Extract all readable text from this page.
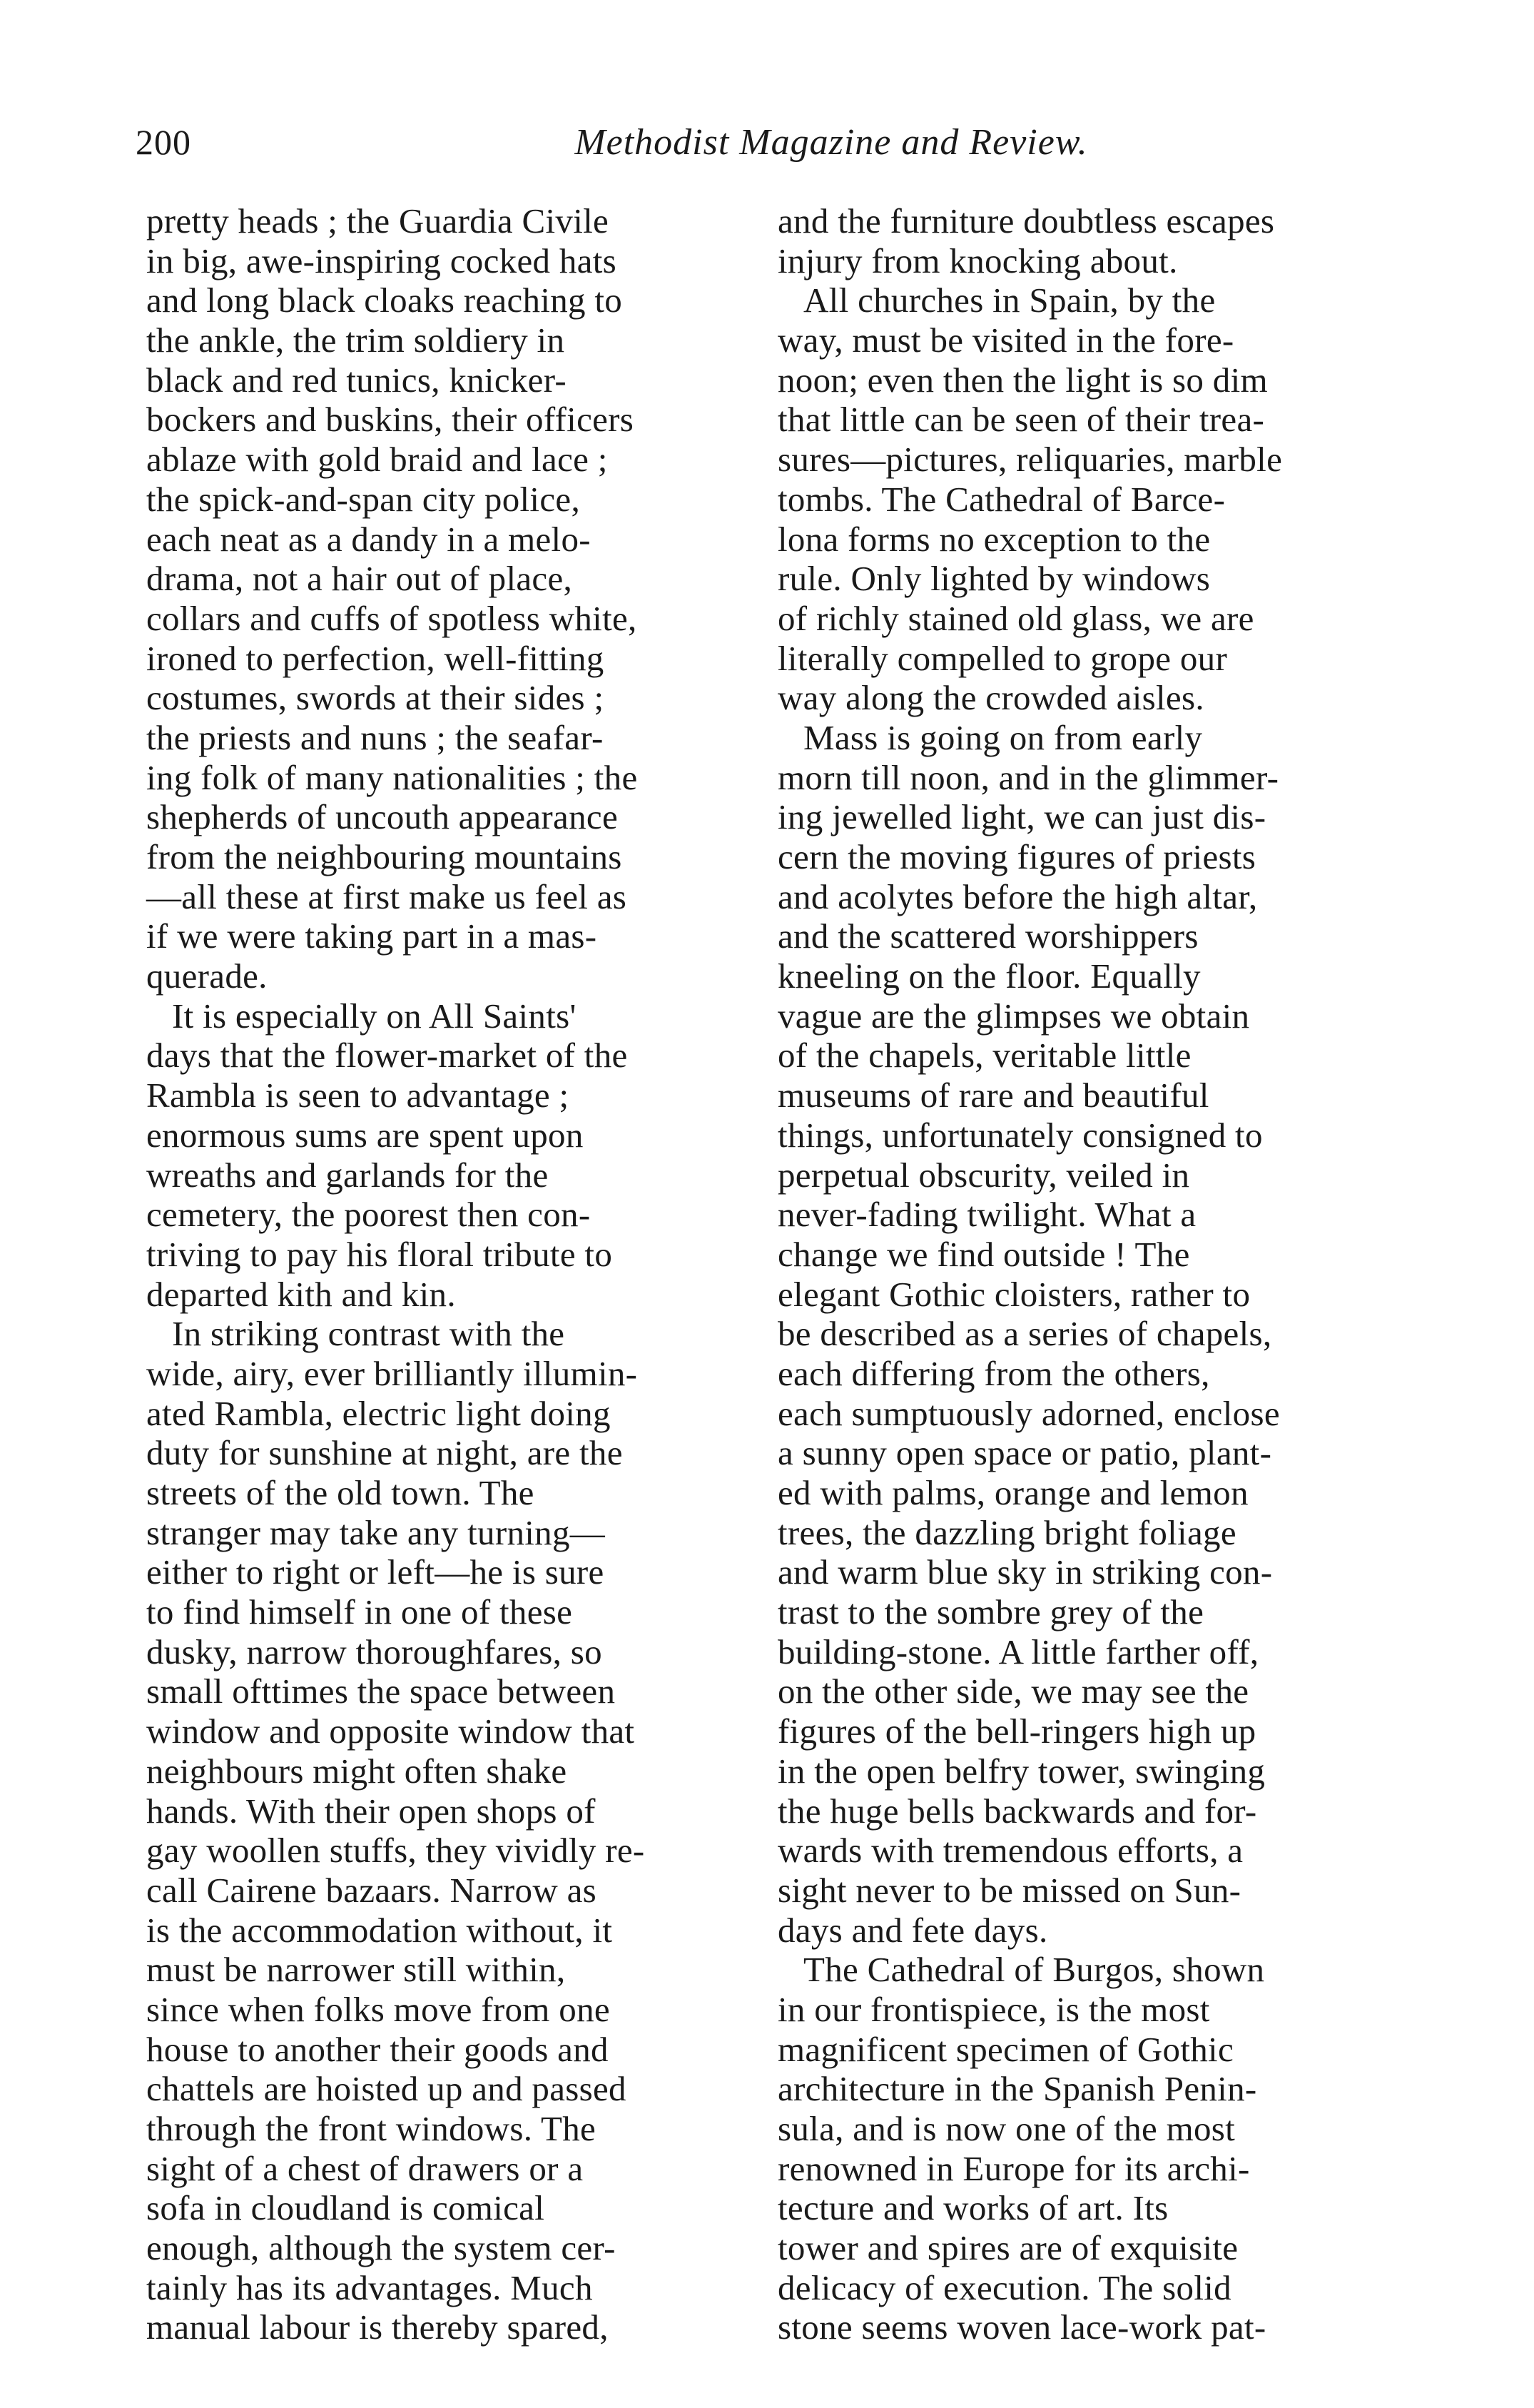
200	Methodist Magazine and Review.
pretty heads ; the Guardia Civile
in big, awe-inspiring cocked hats
and long black cloaks reaching to
the ankle, the trim soldiery in
black and red tunics, knicker-
bockers and buskins, their officers
ablaze with gold braid and lace ;
the spick-and-span city police,
each neat as a dandy in a melo-
drama, not a hair out of place,
collars and cuffs of spotless white,
ironed to perfection, well-fitting
costumes, swords at their sides ;
the priests and nuns ; the seafar-
ing folk of many nationalities ; the
shepherds of uncouth appearance
from the neighbouring mountains
—all these at first make us feel as
if we were taking part in a mas-
querade.
It is especially on All Saints'
days that the flower-market of the
Rambla is seen to advantage ;
enormous sums are spent upon
wreaths and garlands for the
cemetery, the poorest then con-
triving to pay his floral tribute to
departed kith and kin.
In striking contrast with the
wide, airy, ever brilliantly illumin-
ated Rambla, electric light doing
duty for sunshine at night, are the
streets of the old town. The
stranger may take any turning—
either to right or left—he is sure
to find himself in one of these
dusky, narrow thoroughfares, so
small ofttimes the space between
window and opposite window that
neighbours might often shake
hands. With their open shops of
gay woollen stuffs, they vividly re-
call Cairene bazaars. Narrow as
is the accommodation without, it
must be narrower still within,
since when folks move from one
house to another their goods and
chattels are hoisted up and passed
through the front windows. The
sight of a chest of drawers or a
sofa in cloudland is comical
enough, although the system cer-
tainly has its advantages. Much
manual labour is thereby spared,
and the furniture doubtless escapes
injury from knocking about.
All churches in Spain, by the
way, must be visited in the fore-
noon; even then the light is so dim
that little can be seen of their trea-
sures—pictures, reliquaries, marble
tombs. The Cathedral of Barce-
lona forms no exception to the
rule. Only lighted by windows
of richly stained old glass, we are
literally compelled to grope our
way along the crowded aisles.
Mass is going on from early
morn till noon, and in the glimmer-
ing jewelled light, we can just dis-
cern the moving figures of priests
and acolytes before the high altar,
and the scattered worshippers
kneeling on the floor. Equally
vague are the glimpses we obtain
of the chapels, veritable little
museums of rare and beautiful
things, unfortunately consigned to
perpetual obscurity, veiled in
never-fading twilight. What a
change we find outside ! The
elegant Gothic cloisters, rather to
be described as a series of chapels,
each differing from the others,
each sumptuously adorned, enclose
a sunny open space or patio, plant-
ed with palms, orange and lemon
trees, the dazzling bright foliage
and warm blue sky in striking con-
trast to the sombre grey of the
building-stone. A little farther off,
on the other side, we may see the
figures of the bell-ringers high up
in the open belfry tower, swinging
the huge bells backwards and for-
wards with tremendous efforts, a
sight never to be missed on Sun-
days and fete days.
The Cathedral of Burgos, shown
in our frontispiece, is the most
magnificent specimen of Gothic
architecture in the Spanish Penin-
sula, and is now one of the most
renowned in Europe for its archi-
tecture and works of art. Its
tower and spires are of exquisite
delicacy of execution. The solid
stone seems woven lace-work pat-
